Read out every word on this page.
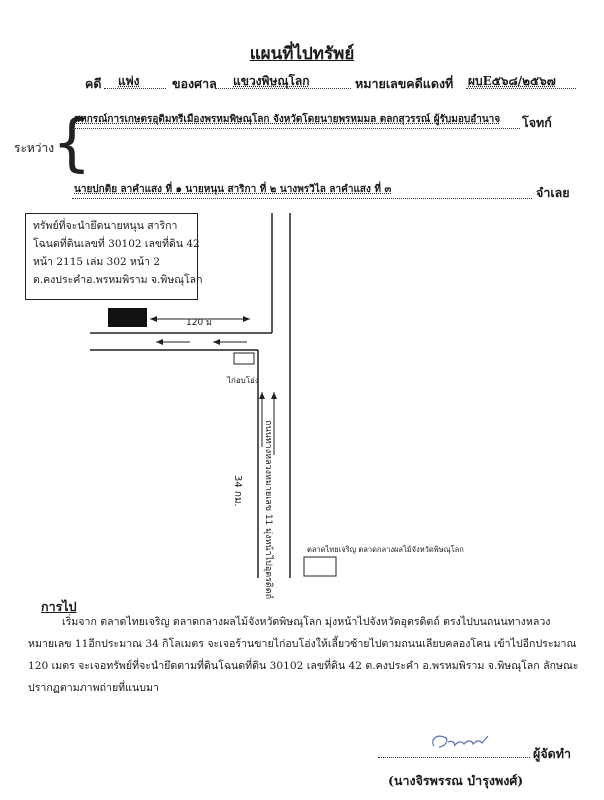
แผนที่ไปทรัพย์
คดี แพ่ง	ของศาล แขวงพิษณุโลก	หมายเลขคดีแดงที่ ผบE๕๖๘/๒๕๖๗
ระหว่าง
{
สหกรณ์การเกษตรอุดิมทรีเมืองพรหมพิษณุโลก จังหวัดโดยนายพรหมมล ตลกสุวรรณ์ ผู้รับมอบอำนาจ โจทก์
นายปกติย ลาคำแสง ที่ ๑ นายหนุน สาริกา ที่ ๒ นางพรวิไล ลาคำแสง ที่ ๓	จำเลย
ทรัพย์ที่จะนำยึดนายหนุน สาริกา
โฉนดที่ดินเลขที่ 30102 เลขที่ดิน 42
หน้า 2115 เล่ม 302 หน้า 2
ต.คงประคำอ.พรหมพิราม จ.พิษณุโลก
120 ม
ไก่อบโอ่ง
ถนนทางหลวงหมายเลข 11 มุ่งหน้าไปอุตรดิตถ์
34 กม.
ตลาดไทยเจริญ ตลาดกลางผลไม้จังหวัดพิษณุโลก
การไป
เริ่มจาก ตลาดไทยเจริญ ตลาดกลางผลไม้จังหวัดพิษณุโลก มุ่งหน้าไปจังหวัดอุตรดิตถ์ ตรงไปบนถนนทางหลวง
หมายเลข 11อีกประมาณ 34 กิโลเมตร จะเจอร้านขายไก่อบโอ่งให้เลี้ยวซ้ายไปตามถนนเลียบคลองโคน เข้าไปอีกประมาณ
120 เมตร จะเจอทรัพย์ที่จะนำยึดตามที่ดินโฉนดที่ดิน 30102 เลขที่ดิน 42 ต.คงประคำ อ.พรหมพิราม จ.พิษณุโลก ลักษณะ
ปรากฏตามภาพถ่ายที่แนบมา
ผู้จัดทำ
(นางจิรพรรณ บำรุงพงศ์)
